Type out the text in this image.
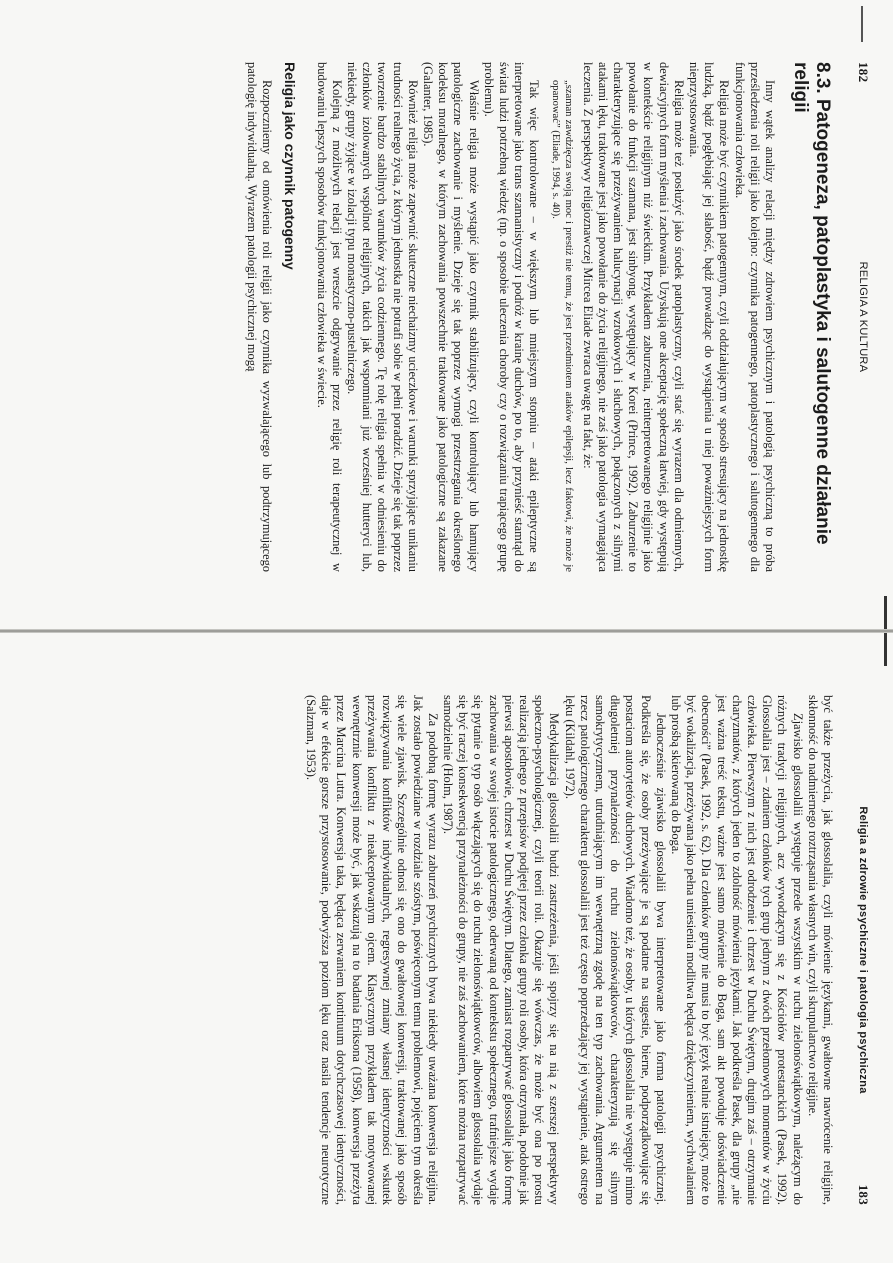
182
RELIGIA A KULTURA
8.3. Patogeneza, patoplastyka i salutogenne działanie religii

Inny wątek analizy relacji między zdrowiem psychicznym i patologią psychiczną to próba prześledzenia roli religii jako kolejno: czynnika patogennego, patoplastycznego i salutogennego dla funkcjonowania człowieka.

Religia może być czynnikiem patogennym, czyli oddziałującym w sposób stresujący na jednostkę ludzką, bądź pogłębiając jej słabość, bądź prowadząc do wystąpienia u niej poważniejszych form nieprzystosowania.

Religia może też posłużyć jako środek patoplastyczny, czyli stać się wyrazem dla odmiennych, dewiacyjnych form myślenia i zachowania. Uzyskują one akceptację społeczną łatwiej, gdy występują w kontekście religijnym niż świeckim. Przykładem zaburzenia, reinterpretowanego religijnie jako powołanie do funkcji szamana, jest sinbyong, występujący w Korei (Prince, 1992). Zaburzenie to charakteryzujące się przeżywaniem halucynacji wzrokowych i słuchowych, połączonych z silnymi atakami lęku, traktowane jest jako powołanie do życia religijnego, nie zaś jako patologia wymagająca leczenia. Z perspektywy religioznawczej Mircea Eliade zwraca uwagę na fakt, że:

„szaman zawdzięcza swoją moc i prestiż nie temu, że jest przedmiotem ataków epilepsji, lecz faktowi, że może je opanować” (Eliade, 1994, s. 40).

Tak więc kontrolowane – w większym lub mniejszym stopniu – ataki epileptyczne są interpretowane jako trans szamanistyczny i podróż w krainę duchów, po to, aby przynieść stamtąd do świata ludzi potrzebną wiedzę (np. o sposobie uleczenia choroby czy o rozwiązaniu trapiącego grupę problemu).

Właśnie religia może wystąpić jako czynnik stabilizujący, czyli kontrolujący lub hamujący patologiczne zachowanie i myślenie. Dzieje się tak poprzez wymogi przestrzegania określonego kodeksu moralnego, w którym zachowania powszechnie traktowane jako patologiczne są zakazane (Galanter, 1985).

Również religia może zapewnić skuteczne niechaizmy ucieczkowe i warunki sprzyjające unikaniu trudności realnego życia, z którym jednostka nie potrafi sobie w pełni poradzić. Dzieje się tak poprzez tworzenie bardzo stabilnych warunków życia codziennego. Tę rolę religia spełnia w odniesieniu do członków izolowanych wspólnot religijnych, takich jak wspomniani już wcześniej hutteryci lub, niekiedy, grupy żyjące w izolacji typu monastyczno-pustelniczego.

Kolejną z możliwych relacji jest wreszcie odgrywanie przez religię roli terapeutycznej w budowaniu lepszych sposobów funkcjonowania człowieka w świecie.

Religia jako czynnik patogenny

Rozpoczniemy od omówienia roli religii jako czynnika wyzwalającego lub podtrzymującego patologię indywidualną. Wyrazem patologii psychicznej mogą

Religia a zdrowie psychiczne i patologia psychiczna
183

być także przeżycia, jak glossolalia, czyli mówienie językami, gwałtowne nawrócenie religijne, skłonność do nadmiernego roztrząsania własnych win, czyli skrupulanctwo religijne.

Zjawisko glossolalii występuje przede wszystkim w ruchu zielonoświątkowym, należącym do różnych tradycji religijnych, acz wywodzącym się z Kościołów protestanckich (Pasek, 1992). Glossolalia jest – zdaniem członków tych grup jednym z dwóch przełomowych momentów w życiu człowieka. Pierwszym z nich jest odrodzenie i chrzest w Duchu Świętym, drugim zaś – otrzymanie charyzmatów, z których jeden to zdolność mówienia językami. Jak podkreśla Pasek, dla grupy „nie jest ważna treść tekstu, ważne jest samo mówienie do Boga, sam akt powoduje doświadczenie obecności” (Pasek, 1992, s. 62). Dla członków grupy nie musi to być język realnie istniejący, może to być wokalizacja, przeżywana jako pełna uniesienia modlitwa będąca dziękczynieniem, wychwalaniem lub prośbą skierowaną do Boga.

Jednocześnie zjawisko glossolalii bywa interpretowane jako forma patologii psychicznej. Podkreśla się, że osoby przeżywające je są podatne na sugestie, bierne, podporządkowujące się postaciom autorytetów duchowych. Wiadomo też, że osoby, u których glossolalia nie występuje mimo długoletniej przynależności do ruchu zielonoświątkowców, charakteryzują się silnym samokrytycyzmem, utrudniającym im wewnętrzną zgodę na ten typ zachowania. Argumentem na rzecz patologicznego charakteru glossolalii jest też często poprzedzający jej wystąpienie, atak ostrego lęku (Kildahl, 1972).

Medykalizacja glossolalii budzi zastrzeżenia, jeśli spojrzy się na nią z szerszej perspektywy społeczno-psychologicznej, czyli teorii roli. Okazuje się wówczas, że może być ona po prostu realizacją jednego z przepisów podjętej przez członka grupy roli osoby, która otrzymała, podobnie jak pierwsi apostołowie, chrzest w Duchu Świętym. Dlatego, zamiast rozpatrywać glossolalię jako formę zachowania w swojej istocie patologicznego, oderwaną od kontekstu społecznego, trafniejsze wydaje się pytanie o typ osób włączających się do ruchu zielonoświątkowców, albowiem glossolalia wydaje się być raczej konsekwencją przynależności do grupy, nie zaś zachowaniem, które można rozpatrywać samodzielnie (Holm, 1987).

Za podobną formę wyrazu zaburzeń psychicznych bywa niekiedy uważana konwersja religijna. Jak zostało powiedziane w rozdziale szóstym, poświęconym temu problemowi, pojęciem tym określa się wiele zjawisk. Szczególnie odnosi się ono do gwałtownej konwersji, traktowanej jako sposób rozwiązywania konfliktów indywidualnych, regresywnej zmiany własnej identyczności wskutek przeżywania konfliktu z nieakceptowanym ojcem. Klasycznym przykładem tak motywowanej wewnętrznie konwersji może być, jak wskazują na to badania Eriksona (1958), konwersja przeżyta przez Marcina Lutra. Konwersja taka, będąca zerwaniem kontinuum dotychczasowej identyczności, daje w efekcie gorsze przystosowanie, podwyższa poziom lęku oraz nasila tendencje neurotyczne (Salzman, 1953).
